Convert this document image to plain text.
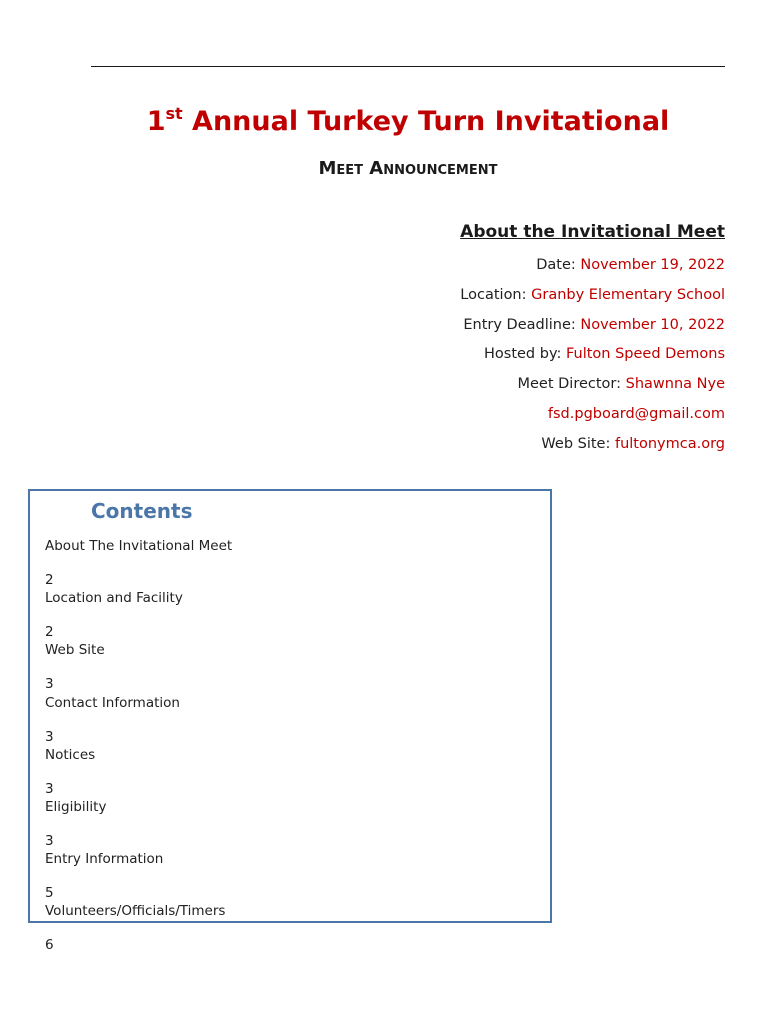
1st Annual Turkey Turn Invitational
Meet Announcement
About the Invitational Meet
Date: November 19, 2022
Location: Granby Elementary School
Entry Deadline: November 10, 2022
Hosted by: Fulton Speed Demons
Meet Director: Shawnna Nye
fsd.pgboard@gmail.com
Web Site: fultonymca.org
Contents
About The Invitational Meet
2
Location and Facility
2
Web Site
3
Contact Information
3
Notices
3
Eligibility
3
Entry Information
5
Volunteers/Officials/Timers
6
